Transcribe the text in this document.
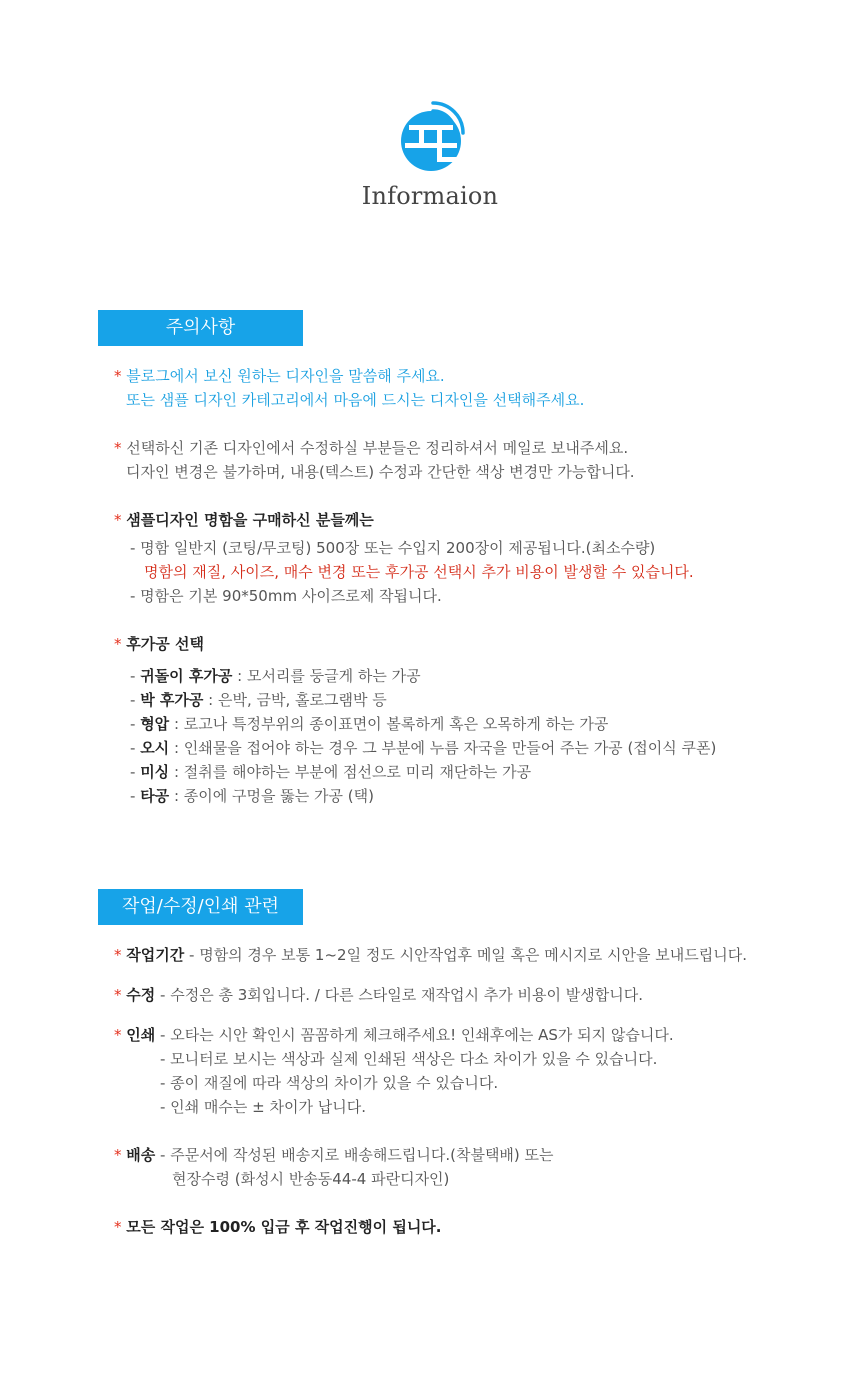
Informaion
주의사항
* 블로그에서 보신 원하는 디자인을 말씀해 주세요.
또는 샘플 디자인 카테고리에서 마음에 드시는 디자인을 선택해주세요.
* 선택하신 기존 디자인에서 수정하실 부분들은 정리하셔서 메일로 보내주세요.
디자인 변경은 불가하며, 내용(텍스트) 수정과 간단한 색상 변경만 가능합니다.
* 샘플디자인 명함을 구매하신 분들께는
- 명함 일반지 (코팅/무코팅) 500장 또는 수입지 200장이 제공됩니다.(최소수량)
명함의 재질, 사이즈, 매수 변경 또는 후가공 선택시 추가 비용이 발생할 수 있습니다.
- 명함은 기본 90*50mm 사이즈로제 작됩니다.
* 후가공 선택
- 귀돌이 후가공 : 모서리를 둥글게 하는 가공
- 박 후가공 : 은박, 금박, 홀로그램박 등
- 형압 : 로고나 특정부위의 종이표면이 볼록하게 혹은 오목하게 하는 가공
- 오시 : 인쇄물을 접어야 하는 경우 그 부분에 누름 자국을 만들어 주는 가공 (접이식 쿠폰)
- 미싱 : 절취를 해야하는 부분에 점선으로 미리 재단하는 가공
- 타공 : 종이에 구멍을 뚫는 가공 (택)
작업/수정/인쇄 관련
* 작업기간 - 명함의 경우 보통 1~2일 정도 시안작업후 메일 혹은 메시지로 시안을 보내드립니다.
* 수정 - 수정은 총 3회입니다. / 다른 스타일로 재작업시 추가 비용이 발생합니다.
* 인쇄 - 오타는 시안 확인시 꼼꼼하게 체크해주세요! 인쇄후에는 AS가 되지 않습니다.
- 모니터로 보시는 색상과 실제 인쇄된 색상은 다소 차이가 있을 수 있습니다.
- 종이 재질에 따라 색상의 차이가 있을 수 있습니다.
- 인쇄 매수는 ± 차이가 납니다.
* 배송 - 주문서에 작성된 배송지로 배송해드립니다.(착불택배) 또는
현장수령 (화성시 반송동44-4 파란디자인)
* 모든 작업은 100% 입금 후 작업진행이 됩니다.
